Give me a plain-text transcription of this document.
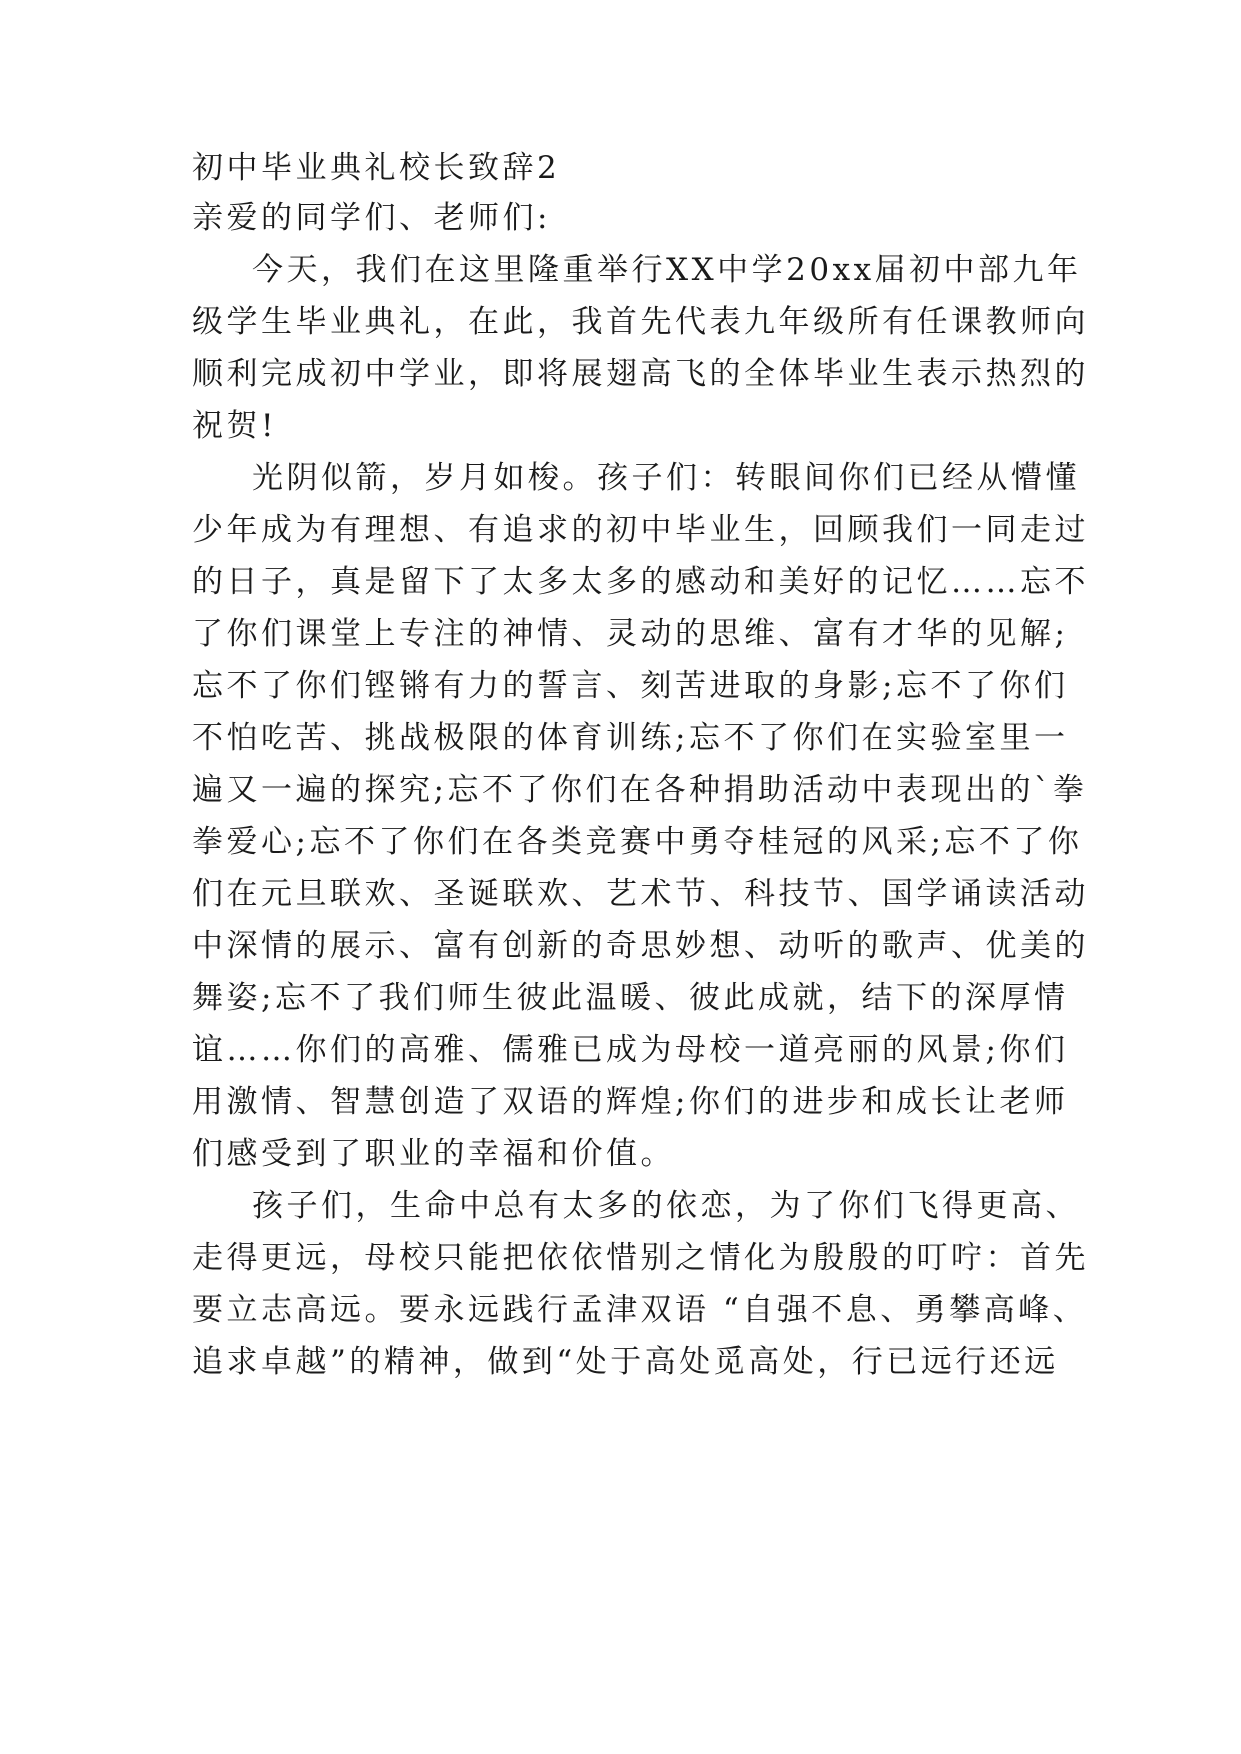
初中毕业典礼校长致辞2
亲爱的同学们、老师们:
今天，我们在这里隆重举行XX中学20xx届初中部九年
级学生毕业典礼，在此，我首先代表九年级所有任课教师向
顺利完成初中学业，即将展翅高飞的全体毕业生表示热烈的
祝贺!
光阴似箭，岁月如梭。孩子们：转眼间你们已经从懵懂
少年成为有理想、有追求的初中毕业生，回顾我们一同走过
的日子，真是留下了太多太多的感动和美好的记忆……忘不
了你们课堂上专注的神情、灵动的思维、富有才华的见解;
忘不了你们铿锵有力的誓言、刻苦进取的身影;忘不了你们
不怕吃苦、挑战极限的体育训练;忘不了你们在实验室里一
遍又一遍的探究;忘不了你们在各种捐助活动中表现出的`拳
拳爱心;忘不了你们在各类竞赛中勇夺桂冠的风采;忘不了你
们在元旦联欢、圣诞联欢、艺术节、科技节、国学诵读活动
中深情的展示、富有创新的奇思妙想、动听的歌声、优美的
舞姿;忘不了我们师生彼此温暖、彼此成就，结下的深厚情
谊……你们的高雅、儒雅已成为母校一道亮丽的风景;你们
用激情、智慧创造了双语的辉煌;你们的进步和成长让老师
们感受到了职业的幸福和价值。
孩子们，生命中总有太多的依恋，为了你们飞得更高、
走得更远，母校只能把依依惜别之情化为殷殷的叮咛：首先
要立志高远。要永远践行孟津双语 “自强不息、勇攀高峰、
追求卓越”的精神，做到“处于高处觅高处，行已远行还远
